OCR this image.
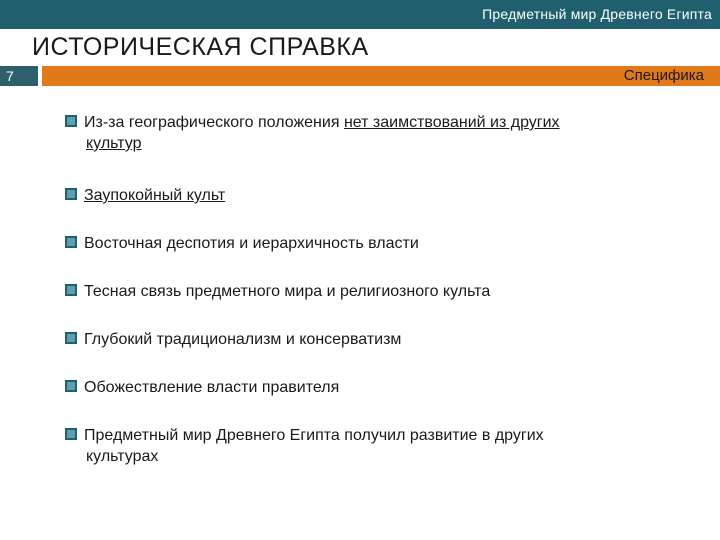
Предметный мир Древнего Египта
ИСТОРИЧЕСКАЯ СПРАВКА
7	Специфика
Из-за географического положения нет заимствований из других
культур
Заупокойный культ
Восточная деспотия и иерархичность власти
Тесная связь предметного мира и религиозного культа
Глубокий традиционализм и консерватизм
Обожествление власти правителя
Предметный мир Древнего Египта получил развитие в других
культурах
